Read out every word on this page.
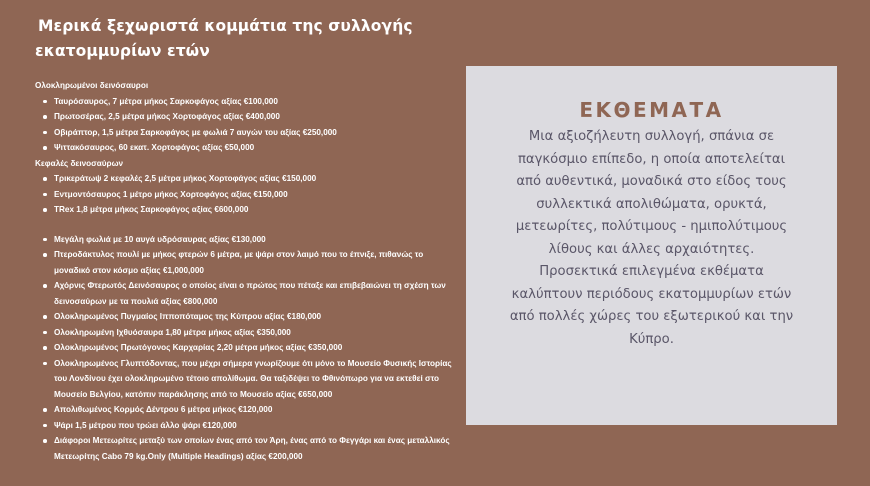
Μερικά ξεχωριστά κομμάτια της συλλογής
εκατομμυρίων ετών
Ολοκληρωμένοι δεινόσαυροι
Ταυρόσαυρος, 7 μέτρα μήκος Σαρκοφάγος αξίας €100,000
Πρωτοσέρας, 2,5 μέτρα μήκος Χορτοφάγος αξίας €400,000
Οβιράπτορ, 1,5 μέτρα Σαρκοφάγος με φωλιά 7 αυγών του αξίας €250,000
Ψιττακόσαυρος, 60 εκατ. Χορτοφάγος αξίας €50,000
Κεφαλές δεινοσαύρων
Τρικεράτωψ 2 κεφαλές 2,5 μέτρα μήκος Χορτοφάγος αξίας €150,000
Εντμοντόσαυρος 1 μέτρο μήκος Χορτοφάγος αξίας €150,000
TRex 1,8 μέτρα μήκος Σαρκοφάγος αξίας €600,000
Μεγάλη φωλιά με 10 αυγά υδρόσαυρας αξίας €130,000
Πτεροδάκτυλος πουλί με μήκος φτερών 6 μέτρα, με ψάρι στον λαιμό που το έπνιξε, πιθανώς το μοναδικό στον κόσμο αξίας €1,000,000
Αχόρνις Φτερωτός Δεινόσαυρος ο οποίος είναι ο πρώτος που πέταξε και επιβεβαιώνει τη σχέση των δεινοσαύρων με τα πουλιά αξίας €800,000
Ολοκληρωμένος Πυγμαίος Ιπποπόταμος της Κύπρου αξίας €180,000
Ολοκληρωμένη Ιχθυόσαυρα 1,80 μέτρα μήκος αξίας €350,000
Ολοκληρωμένος Πρωτόγονος Καρχαρίας 2,20 μέτρα μήκος αξίας €350,000
Ολοκληρωμένος Γλυπτόδοντας, που μέχρι σήμερα γνωρίζουμε ότι μόνο το Μουσείο Φυσικής Ιστορίας του Λονδίνου έχει ολοκληρωμένο τέτοιο απολίθωμα. Θα ταξιδέψει το Φθινόπωρο για να εκτεθεί στο Μουσείο Βελγίου, κατόπιν παράκλησης από το Μουσείο αξίας €650,000
Απολιθωμένος Κορμός Δέντρου 6 μέτρα μήκος €120,000
Ψάρι 1,5 μέτρου που τρώει άλλο ψάρι €120,000
Διάφοροι Μετεωρίτες μεταξύ των οποίων ένας από τον Άρη, ένας από το Φεγγάρι και ένας μεταλλικός Μετεωρίτης Cabo 79 kg.Only (Multiple Headings) αξίας €200,000
ΕΚΘΕΜΑΤΑ
Μια αξιοζήλευτη συλλογή, σπάνια σε
παγκόσμιο επίπεδο, η οποία αποτελείται
από αυθεντικά, μοναδικά στο είδος τους
συλλεκτικά απολιθώματα, ορυκτά,
μετεωρίτες, πολύτιμους - ημιπολύτιμους
λίθους και άλλες αρχαιότητες.
Προσεκτικά επιλεγμένα εκθέματα
καλύπτουν περιόδους εκατομμυρίων ετών
από πολλές χώρες του εξωτερικού και την
Κύπρο.
